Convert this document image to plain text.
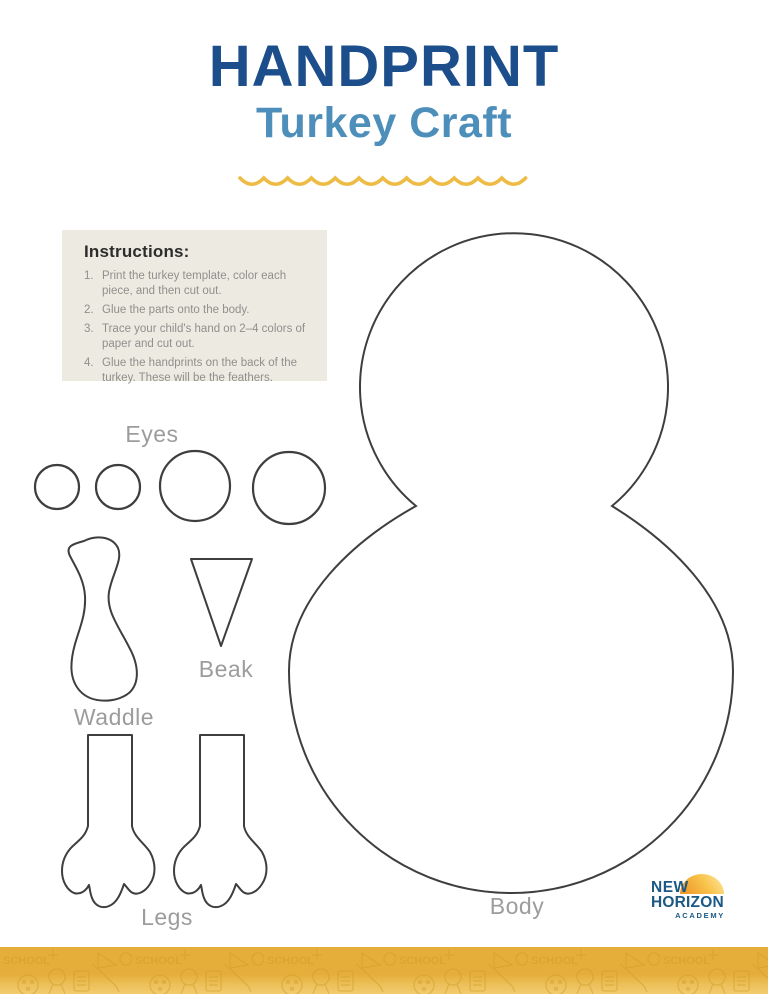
HANDPRINT
Turkey Craft
Instructions:
1. Print the turkey template, color each piece, and then cut out.
2. Glue the parts onto the body.
3. Trace your child's hand on 2–4 colors of paper and cut out.
4. Glue the handprints on the back of the turkey. These will be the feathers.
Eyes
Waddle
Beak
Legs	Body
NEW
HORIZON
ACADEMY
